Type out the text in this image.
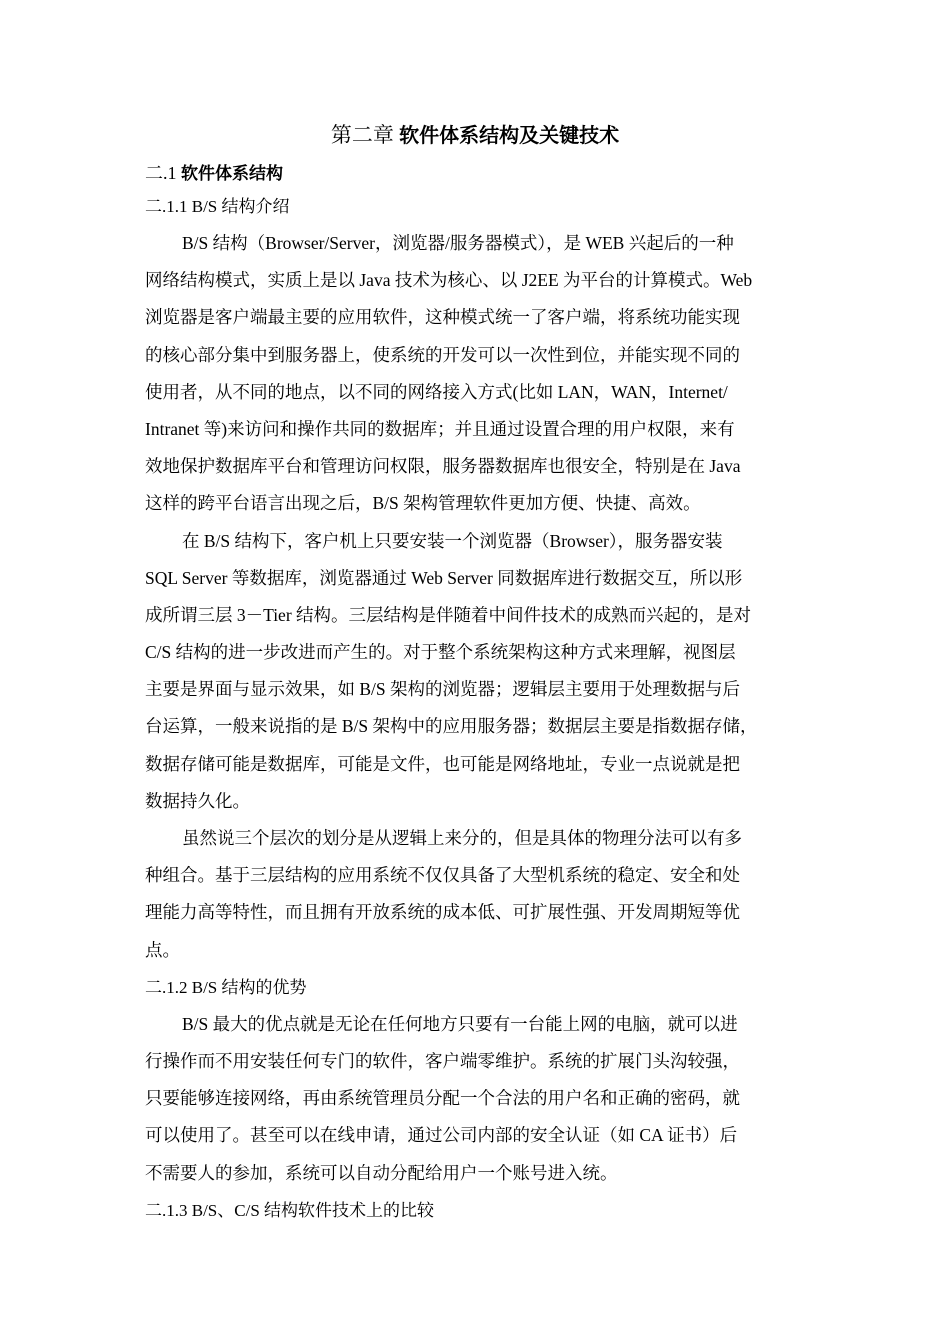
第二章 软件体系结构及关键技术
二.1 软件体系结构
二.1.1 B/S 结构介绍
B/S 结构（Browser/Server，浏览器/服务器模式），是 WEB 兴起后的一种
网络结构模式，实质上是以 Java 技术为核心、以 J2EE 为平台的计算模式。Web
浏览器是客户端最主要的应用软件，这种模式统一了客户端，将系统功能实现
的核心部分集中到服务器上，使系统的开发可以一次性到位，并能实现不同的
使用者，从不同的地点，以不同的网络接入方式(比如 LAN，WAN，Internet/
Intranet 等)来访问和操作共同的数据库；并且通过设置合理的用户权限，来有
效地保护数据库平台和管理访问权限，服务器数据库也很安全，特别是在 Java
这样的跨平台语言出现之后，B/S 架构管理软件更加方便、快捷、高效。
在 B/S 结构下，客户机上只要安装一个浏览器（Browser），服务器安装
SQL Server 等数据库，浏览器通过 Web Server 同数据库进行数据交互，所以形
成所谓三层 3－Tier 结构。三层结构是伴随着中间件技术的成熟而兴起的，是对
C/S 结构的进一步改进而产生的。对于整个系统架构这种方式来理解，视图层
主要是界面与显示效果，如 B/S 架构的浏览器；逻辑层主要用于处理数据与后
台运算，一般来说指的是 B/S 架构中的应用服务器；数据层主要是指数据存储，
数据存储可能是数据库，可能是文件，也可能是网络地址，专业一点说就是把
数据持久化。
虽然说三个层次的划分是从逻辑上来分的，但是具体的物理分法可以有多
种组合。基于三层结构的应用系统不仅仅具备了大型机系统的稳定、安全和处
理能力高等特性，而且拥有开放系统的成本低、可扩展性强、开发周期短等优
点。
二.1.2 B/S 结构的优势
B/S 最大的优点就是无论在任何地方只要有一台能上网的电脑，就可以进
行操作而不用安装任何专门的软件，客户端零维护。系统的扩展门头沟较强，
只要能够连接网络，再由系统管理员分配一个合法的用户名和正确的密码，就
可以使用了。甚至可以在线申请，通过公司内部的安全认证（如 CA 证书）后
不需要人的参加，系统可以自动分配给用户一个账号进入统。
二.1.3 B/S、C/S 结构软件技术上的比较
